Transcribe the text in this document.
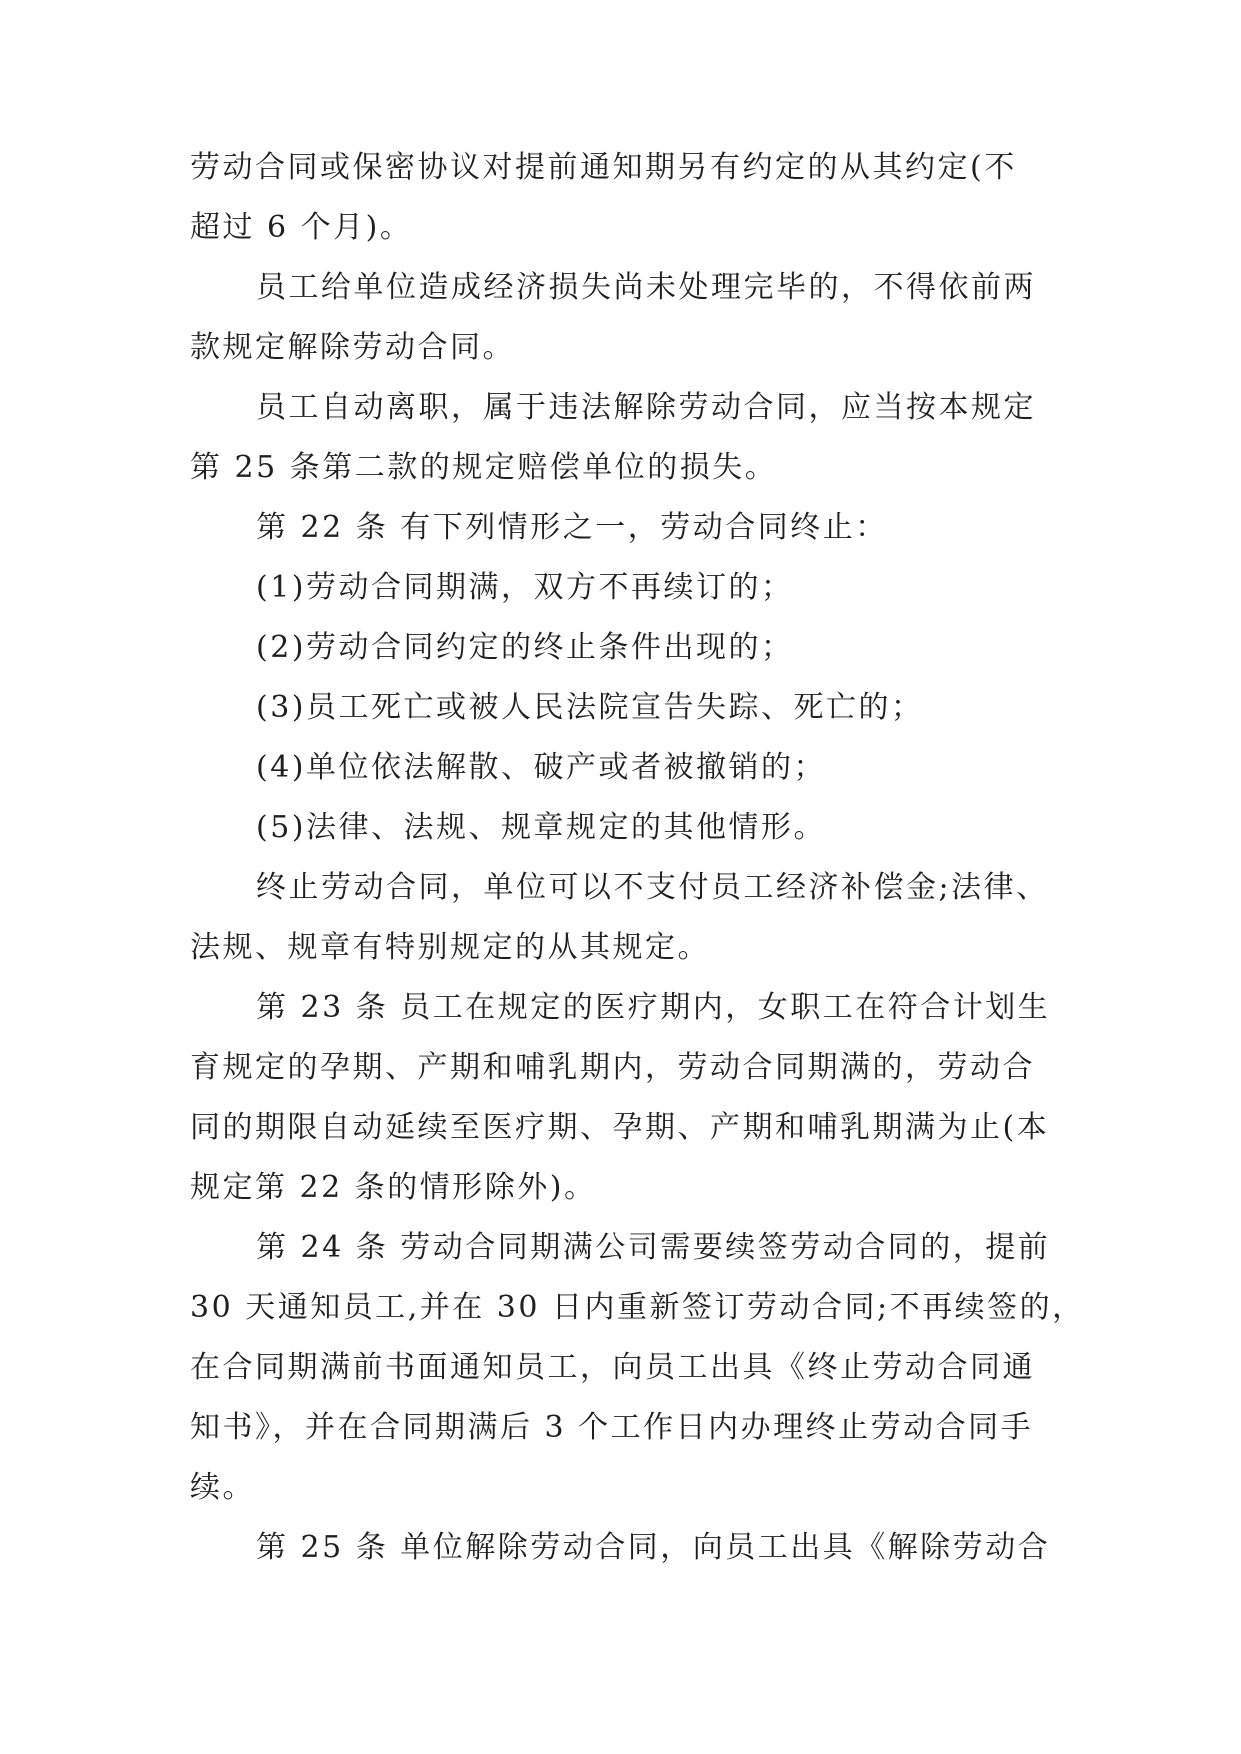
劳动合同或保密协议对提前通知期另有约定的从其约定(不
超过 6 个月)。
员工给单位造成经济损失尚未处理完毕的，不得依前两
款规定解除劳动合同。
员工自动离职，属于违法解除劳动合同，应当按本规定
第 25 条第二款的规定赔偿单位的损失。
第 22 条 有下列情形之一，劳动合同终止：
(1)劳动合同期满，双方不再续订的；
(2)劳动合同约定的终止条件出现的；
(3)员工死亡或被人民法院宣告失踪、死亡的；
(4)单位依法解散、破产或者被撤销的；
(5)法律、法规、规章规定的其他情形。
终止劳动合同，单位可以不支付员工经济补偿金;法律、
法规、规章有特别规定的从其规定。
第 23 条 员工在规定的医疗期内，女职工在符合计划生
育规定的孕期、产期和哺乳期内，劳动合同期满的，劳动合
同的期限自动延续至医疗期、孕期、产期和哺乳期满为止(本
规定第 22 条的情形除外)。
第 24 条 劳动合同期满公司需要续签劳动合同的，提前
30 天通知员工,并在 30 日内重新签订劳动合同;不再续签的，
在合同期满前书面通知员工，向员工出具《终止劳动合同通
知书》，并在合同期满后 3 个工作日内办理终止劳动合同手
续。
第 25 条 单位解除劳动合同，向员工出具《解除劳动合
